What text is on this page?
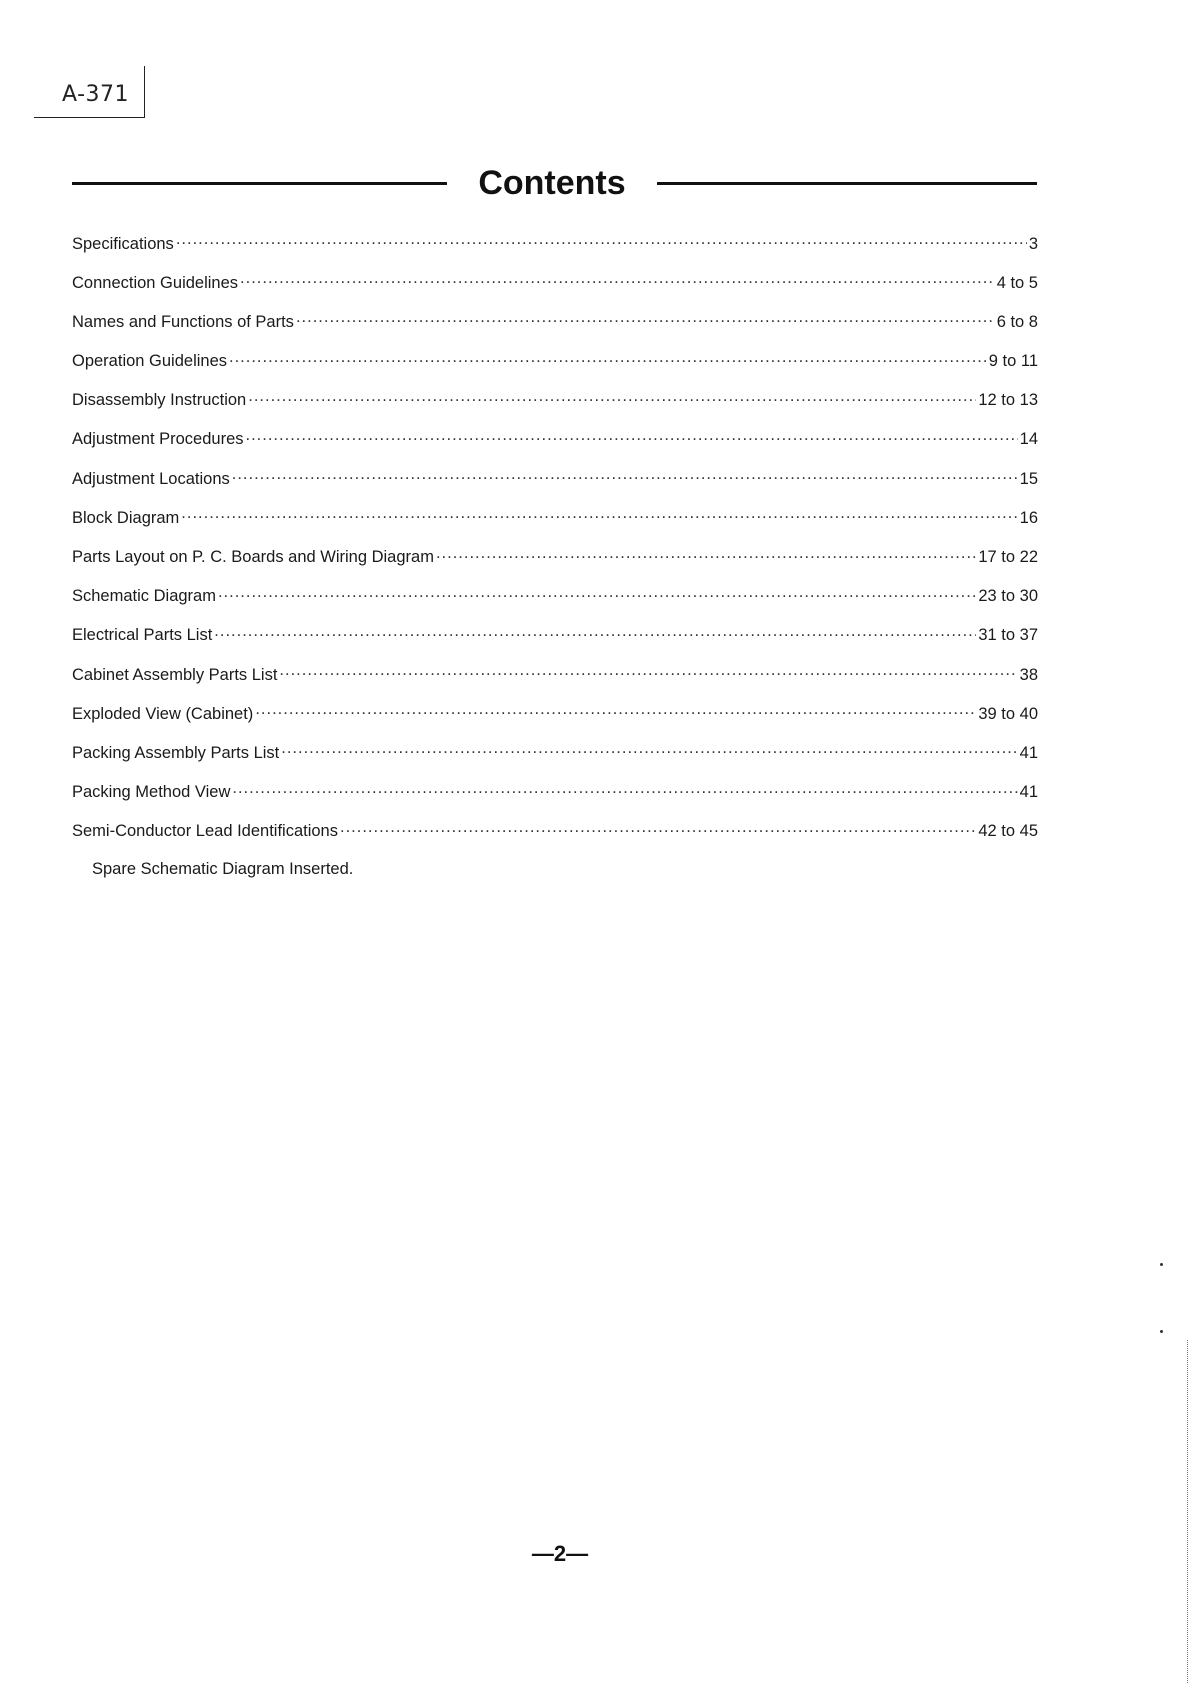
A-371
Contents
Specifications .....	3
Connection Guidelines .....	4 to 5
Names and Functions of Parts .....	6 to 8
Operation Guidelines .....	9 to 11
Disassembly Instruction .....	12 to 13
Adjustment Procedures .....	14
Adjustment Locations .....	15
Block Diagram .....	16
Parts Layout on P. C. Boards and Wiring Diagram .....	17 to 22
Schematic Diagram .....	23 to 30
Electrical Parts List .....	31 to 37
Cabinet Assembly Parts List .....	38
Exploded View (Cabinet) .....	39 to 40
Packing Assembly Parts List .....	41
Packing Method View .....	41
Semi-Conductor Lead Identifications .....	42 to 45
Spare Schematic Diagram Inserted.
—2—
